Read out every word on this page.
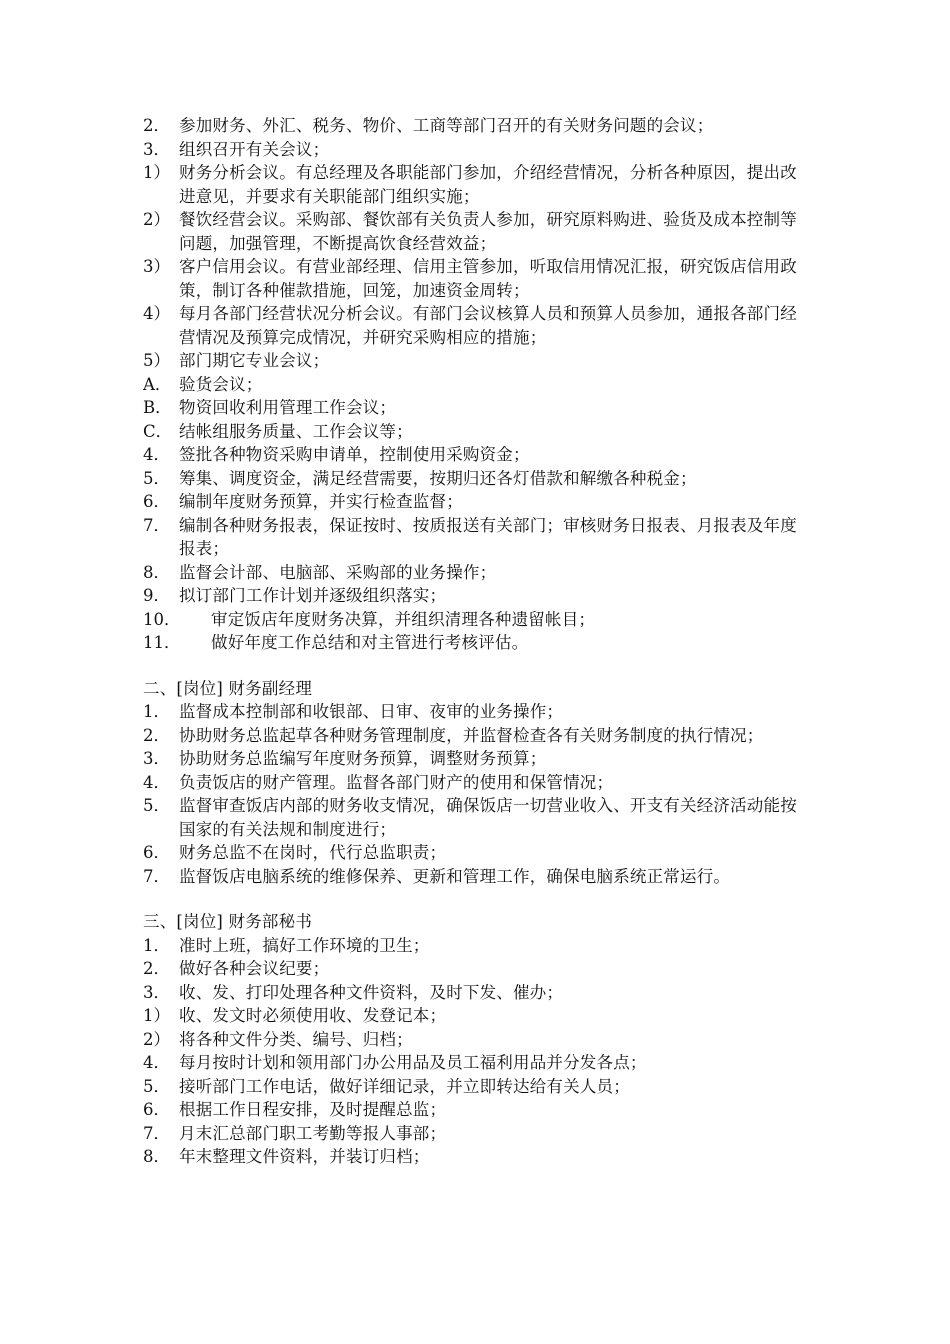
2． 参加财务、外汇、税务、物价、工商等部门召开的有关财务问题的会议；
3． 组织召开有关会议；
1） 财务分析会议。有总经理及各职能部门参加，介绍经营情况，分析各种原因，提出改进意见，并要求有关职能部门组织实施；
2） 餐饮经营会议。采购部、餐饮部有关负责人参加，研究原料购进、验货及成本控制等问题，加强管理，不断提高饮食经营效益；
3） 客户信用会议。有营业部经理、信用主管参加，听取信用情况汇报，研究饭店信用政策，制订各种催款措施，回笼，加速资金周转；
4） 每月各部门经营状况分析会议。有部门会议核算人员和预算人员参加，通报各部门经营情况及预算完成情况，并研究采购相应的措施；
5） 部门期它专业会议；
A． 验货会议；
B． 物资回收利用管理工作会议；
C． 结帐组服务质量、工作会议等；
4． 签批各种物资采购申请单，控制使用采购资金；
5． 筹集、调度资金，满足经营需要，按期归还各灯借款和解缴各种税金；
6． 编制年度财务预算，并实行检查监督；
7． 编制各种财务报表，保证按时、按质报送有关部门；审核财务日报表、月报表及年度报表；
8． 监督会计部、电脑部、采购部的业务操作；
9． 拟订部门工作计划并逐级组织落实；
10．	审定饭店年度财务决算，并组织清理各种遗留帐目；
11．	做好年度工作总结和对主管进行考核评估。
二、[岗位] 财务副经理
1． 监督成本控制部和收银部、日审、夜审的业务操作；
2． 协助财务总监起草各种财务管理制度，并监督检查各有关财务制度的执行情况；
3． 协助财务总监编写年度财务预算，调整财务预算；
4． 负责饭店的财产管理。监督各部门财产的使用和保管情况；
5． 监督审查饭店内部的财务收支情况，确保饭店一切营业收入、开支有关经济活动能按国家的有关法规和制度进行；
6． 财务总监不在岗时，代行总监职责；
7． 监督饭店电脑系统的维修保养、更新和管理工作，确保电脑系统正常运行。
三、[岗位] 财务部秘书
1． 准时上班，搞好工作环境的卫生；
2． 做好各种会议纪要；
3． 收、发、打印处理各种文件资料，及时下发、催办；
1） 收、发文时必须使用收、发登记本；
2） 将各种文件分类、编号、归档；
4． 每月按时计划和领用部门办公用品及员工福利用品并分发各点；
5． 接听部门工作电话，做好详细记录，并立即转达给有关人员；
6． 根据工作日程安排，及时提醒总监；
7． 月末汇总部门职工考勤等报人事部；
8． 年末整理文件资料，并装订归档；
